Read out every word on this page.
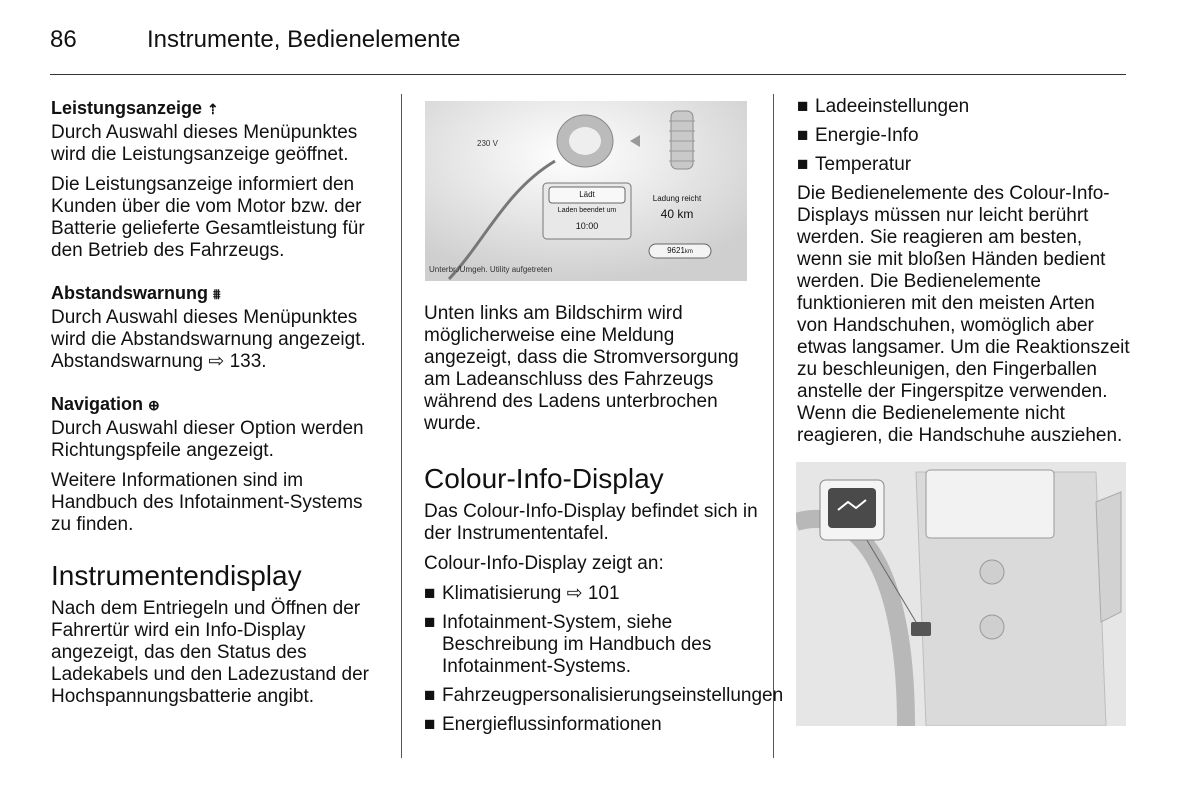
86	Instrumente, Bedienelemente

Leistungsanzeige ⇡

Durch Auswahl dieses Menüpunktes wird die Leistungsanzeige geöffnet.

Die Leistungsanzeige informiert den Kunden über die vom Motor bzw. der Batterie gelieferte Gesamtleistung für den Betrieb des Fahrzeugs.

Abstandswarnung ⩩

Durch Auswahl dieses Menüpunktes wird die Abstandswarnung angezeigt. Abstandswarnung ⇨ 133.

Navigation ⊕

Durch Auswahl dieser Option werden Richtungspfeile angezeigt.

Weitere Informationen sind im Handbuch des Infotainment-Systems zu finden.

Instrumentendisplay

Nach dem Entriegeln und Öffnen der Fahrertür wird ein Info-Display angezeigt, das den Status des Ladekabels und den Ladezustand der Hochspannungsbatterie angibt.

230 V
Lädt
Laden beendet um
10:00
Ladung reicht
40 km
9621km
Unterbr./Umgeh. Utility aufgetreten

Unten links am Bildschirm wird möglicherweise eine Meldung angezeigt, dass die Stromversorgung am Ladeanschluss des Fahrzeugs während des Ladens unterbrochen wurde.

Colour-Info-Display

Das Colour-Info-Display befindet sich in der Instrumententafel.

Colour-Info-Display zeigt an:

■ Klimatisierung ⇨ 101
■ Infotainment-System, siehe Beschreibung im Handbuch des Infotainment-Systems.
■ Fahrzeugpersonalisierungseinstellungen
■ Energieflussinformationen
■ Ladeeinstellungen
■ Energie-Info
■ Temperatur

Die Bedienelemente des Colour-Info-Displays müssen nur leicht berührt werden. Sie reagieren am besten, wenn sie mit bloßen Händen bedient werden. Die Bedienelemente funktionieren mit den meisten Arten von Handschuhen, womöglich aber etwas langsamer. Um die Reaktionszeit zu beschleunigen, den Fingerballen anstelle der Fingerspitze verwenden. Wenn die Bedienelemente nicht reagieren, die Handschuhe ausziehen.
